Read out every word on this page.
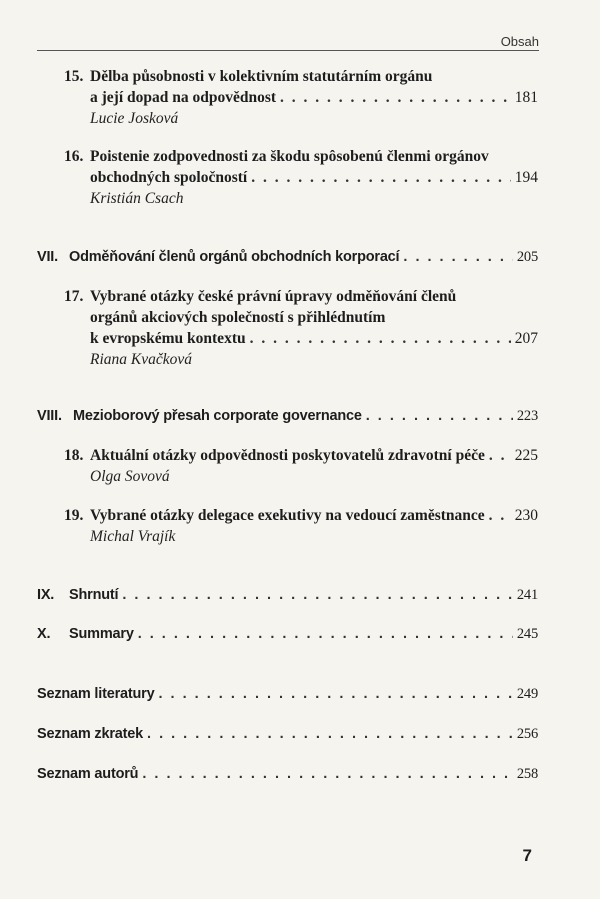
Obsah
15. Dělba působnosti v kolektivním statutárním orgánu
a její dopad na odpovědnost . . .	181
Lucie Josková
16. Poistenie zodpovednosti za škodu spôsobenú členmi orgánov
obchodných spoločností . . .	194
Kristián Csach
VII. Odměňování členů orgánů obchodních korporací . . .	205
17. Vybrané otázky české právní úpravy odměňování členů
orgánů akciových společností s přihlédnutím
k evropskému kontextu . . .	207
Riana Kvačková
VIII. Mezioborový přesah corporate governance . . .	223
18. Aktuální otázky odpovědnosti poskytovatelů zdravotní péče . . . 225
Olga Sovová
19. Vybrané otázky delegace exekutivy na vedoucí zaměstnance . . . 230
Michal Vrajík
IX.	Shrnutí . . .	241
X.	Summary . . .	245
Seznam literatury . . .	249
Seznam zkratek . . .	256
Seznam autorů . . .	258
7
